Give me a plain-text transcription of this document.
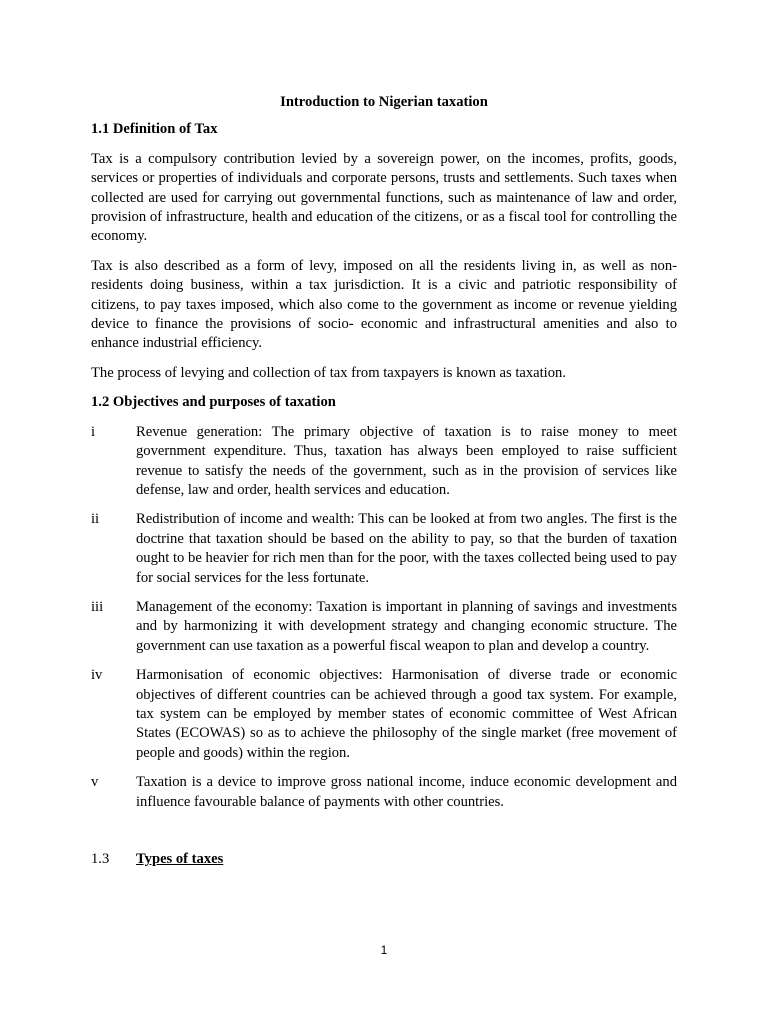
Introduction to Nigerian taxation
1.1 Definition of Tax

Tax is a compulsory contribution levied by a sovereign power, on the incomes, profits, goods, services or properties of individuals and corporate persons, trusts and settlements. Such taxes when collected are used for carrying out governmental functions, such as maintenance of law and order, provision of infrastructure, health and education of the citizens, or as a fiscal tool for controlling the economy.

Tax is also described as a form of levy, imposed on all the residents living in, as well as non-residents doing business, within a tax jurisdiction. It is a civic and patriotic responsibility of citizens, to pay taxes imposed, which also come to the government as income or revenue yielding device to finance the provisions of socio- economic and infrastructural amenities and also to enhance industrial efficiency.

The process of levying and collection of tax from taxpayers is known as taxation.

1.2 Objectives and purposes of taxation
i	Revenue generation: The primary objective of taxation is to raise money to meet government expenditure. Thus, taxation has always been employed to raise sufficient revenue to satisfy the needs of the government, such as in the provision of services like defense, law and order, health services and education.
ii	Redistribution of income and wealth: This can be looked at from two angles. The first is the doctrine that taxation should be based on the ability to pay, so that the burden of taxation ought to be heavier for rich men than for the poor, with the taxes collected being used to pay for social services for the less fortunate.
iii	Management of the economy: Taxation is important in planning of savings and investments and by harmonizing it with development strategy and changing economic structure. The government can use taxation as a powerful fiscal weapon to plan and develop a country.
iv	Harmonisation of economic objectives: Harmonisation of diverse trade or economic objectives of different countries can be achieved through a good tax system. For example, tax system can be employed by member states of economic committee of West African States (ECOWAS) so as to achieve the philosophy of the single market (free movement of people and goods) within the region.
v	Taxation is a device to improve gross national income, induce economic development and influence favourable balance of payments with other countries.
1.3	Types of taxes
1
